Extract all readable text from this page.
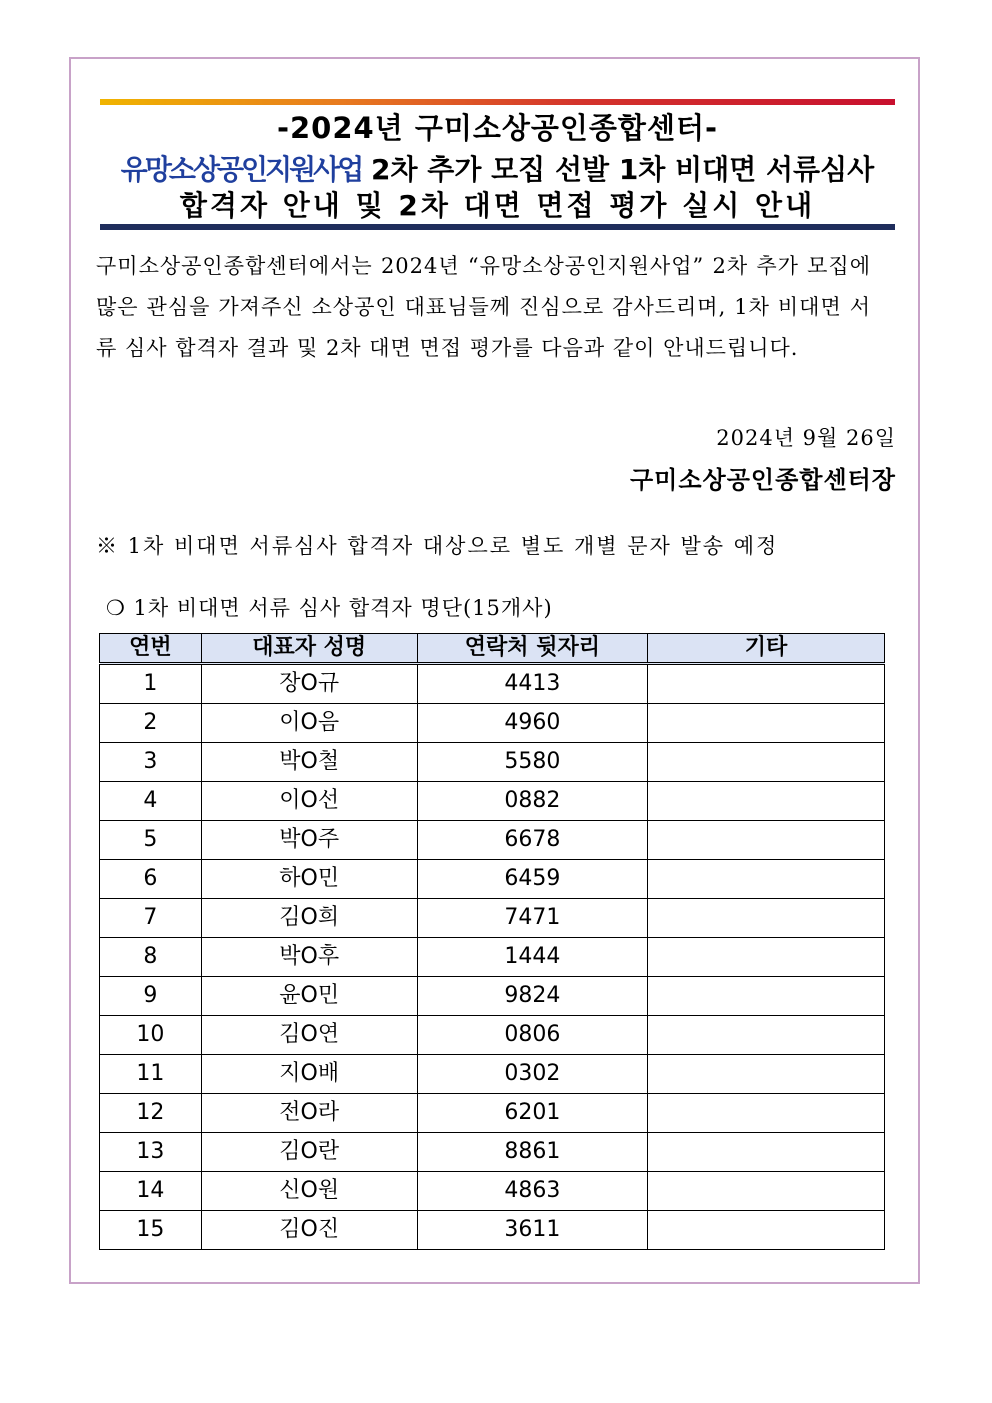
-2024년 구미소상공인종합센터-
유망소상공인지원사업 2차 추가 모집 선발 1차 비대면 서류심사
합격자 안내 및 2차 대면 면접 평가 실시 안내
구미소상공인종합센터에서는 2024년 “유망소상공인지원사업” 2차 추가 모집에 많은 관심을 가져주신 소상공인 대표님들께 진심으로 감사드리며, 1차 비대면 서류 심사 합격자 결과 및 2차 대면 면접 평가를 다음과 같이 안내드립니다.
2024년 9월 26일
구미소상공인종합센터장
※ 1차 비대면 서류심사 합격자 대상으로 별도 개별 문자 발송 예정
❍ 1차 비대면 서류 심사 합격자 명단(15개사)
연번	대표자 성명	연락처 뒷자리	기타
1	장O규	4413	
2	이O음	4960	
3	박O철	5580	
4	이O선	0882	
5	박O주	6678	
6	하O민	6459	
7	김O희	7471	
8	박O후	1444	
9	윤O민	9824	
10	김O연	0806	
11	지O배	0302	
12	전O라	6201	
13	김O란	8861	
14	신O원	4863	
15	김O진	3611	
